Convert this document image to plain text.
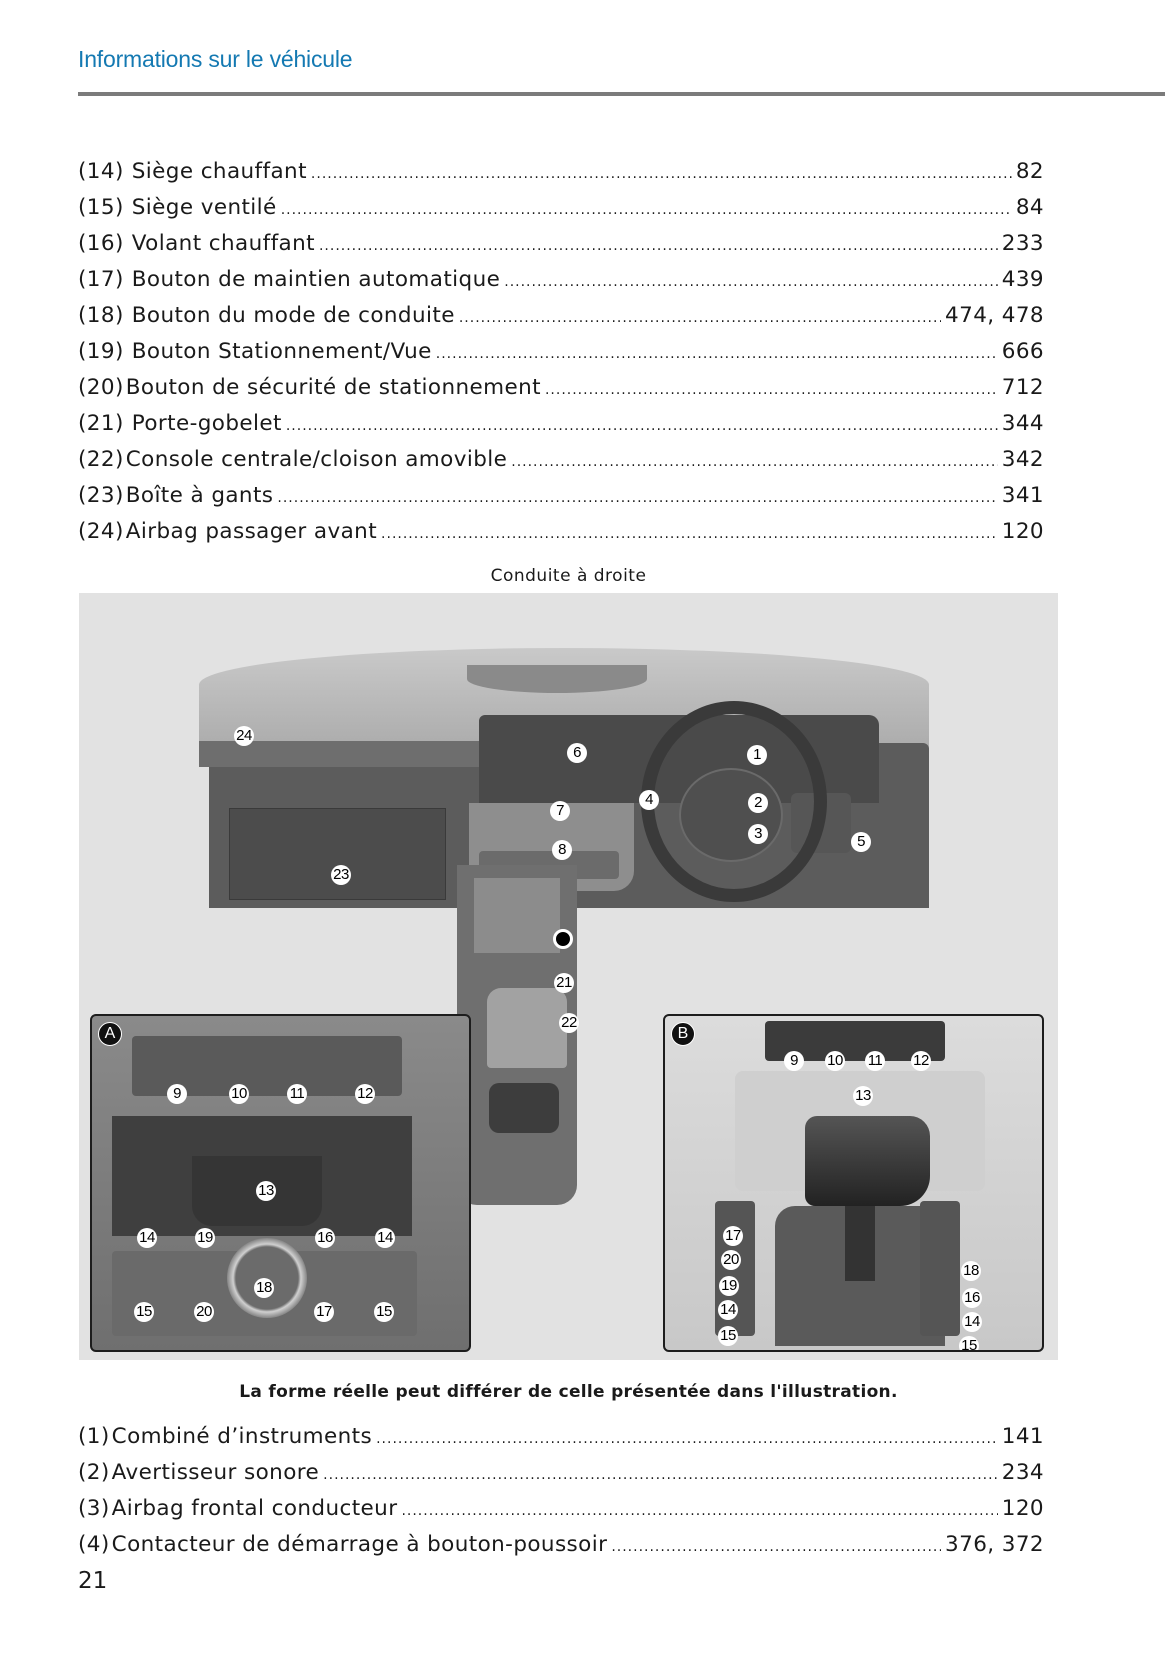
Informations sur le véhicule
(14) Siège chauffant .....	82
(15) Siège ventilé .....	84
(16) Volant chauffant .....	233
(17) Bouton de maintien automatique .....	439
(18) Bouton du mode de conduite .....	474, 478
(19) Bouton Stationnement/Vue .....	666
(20) Bouton de sécurité de stationnement .....	712
(21) Porte-gobelet .....	344
(22) Console centrale/cloison amovible .....	342
(23) Boîte à gants .....	341
(24) Airbag passager avant .....	120
Conduite à droite
A
9	10	11	12
13
14	19	16	14
18
15	20	17	15
B
9	10 11 12
13
17
20
18
19
16
14
14
15
15
24
6	1
4
7	2
3	5
8
23
21
22
La forme réelle peut différer de celle présentée dans l'illustration.
(1) Combiné d’instruments .....	141
(2) Avertisseur sonore .....	234
(3) Airbag frontal conducteur .....	120
(4) Contacteur de démarrage à bouton-poussoir .....	376, 372
21
